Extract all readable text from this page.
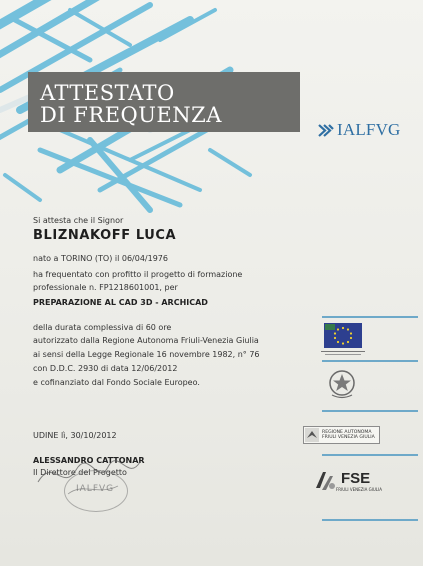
ATTESTATO
DI FREQUENZA
IALFVG
Si attesta che il Signor
BLIZNAKOFF LUCA
nato a TORINO (TO) il 06/04/1976
ha frequentato con profitto il progetto di formazione
professionale n. FP1218601001, per
PREPARAZIONE AL CAD 3D - ARCHICAD
della durata complessiva di 60 ore
autorizzato dalla Regione Autonoma Friuli-Venezia Giulia
ai sensi della Legge Regionale 16 novembre 1982, n° 76
con D.D.C. 2930 di data 12/06/2012
e cofinanziato dal Fondo Sociale Europeo.
UDINE lì, 30/10/2012
ALESSANDRO CATTONAR
Il Direttore del Progetto
IALFVG
REGIONE AUTONOMA
FRIULI VENEZIA GIULIA
FSE
FRIULI VENEZIA GIULIA
